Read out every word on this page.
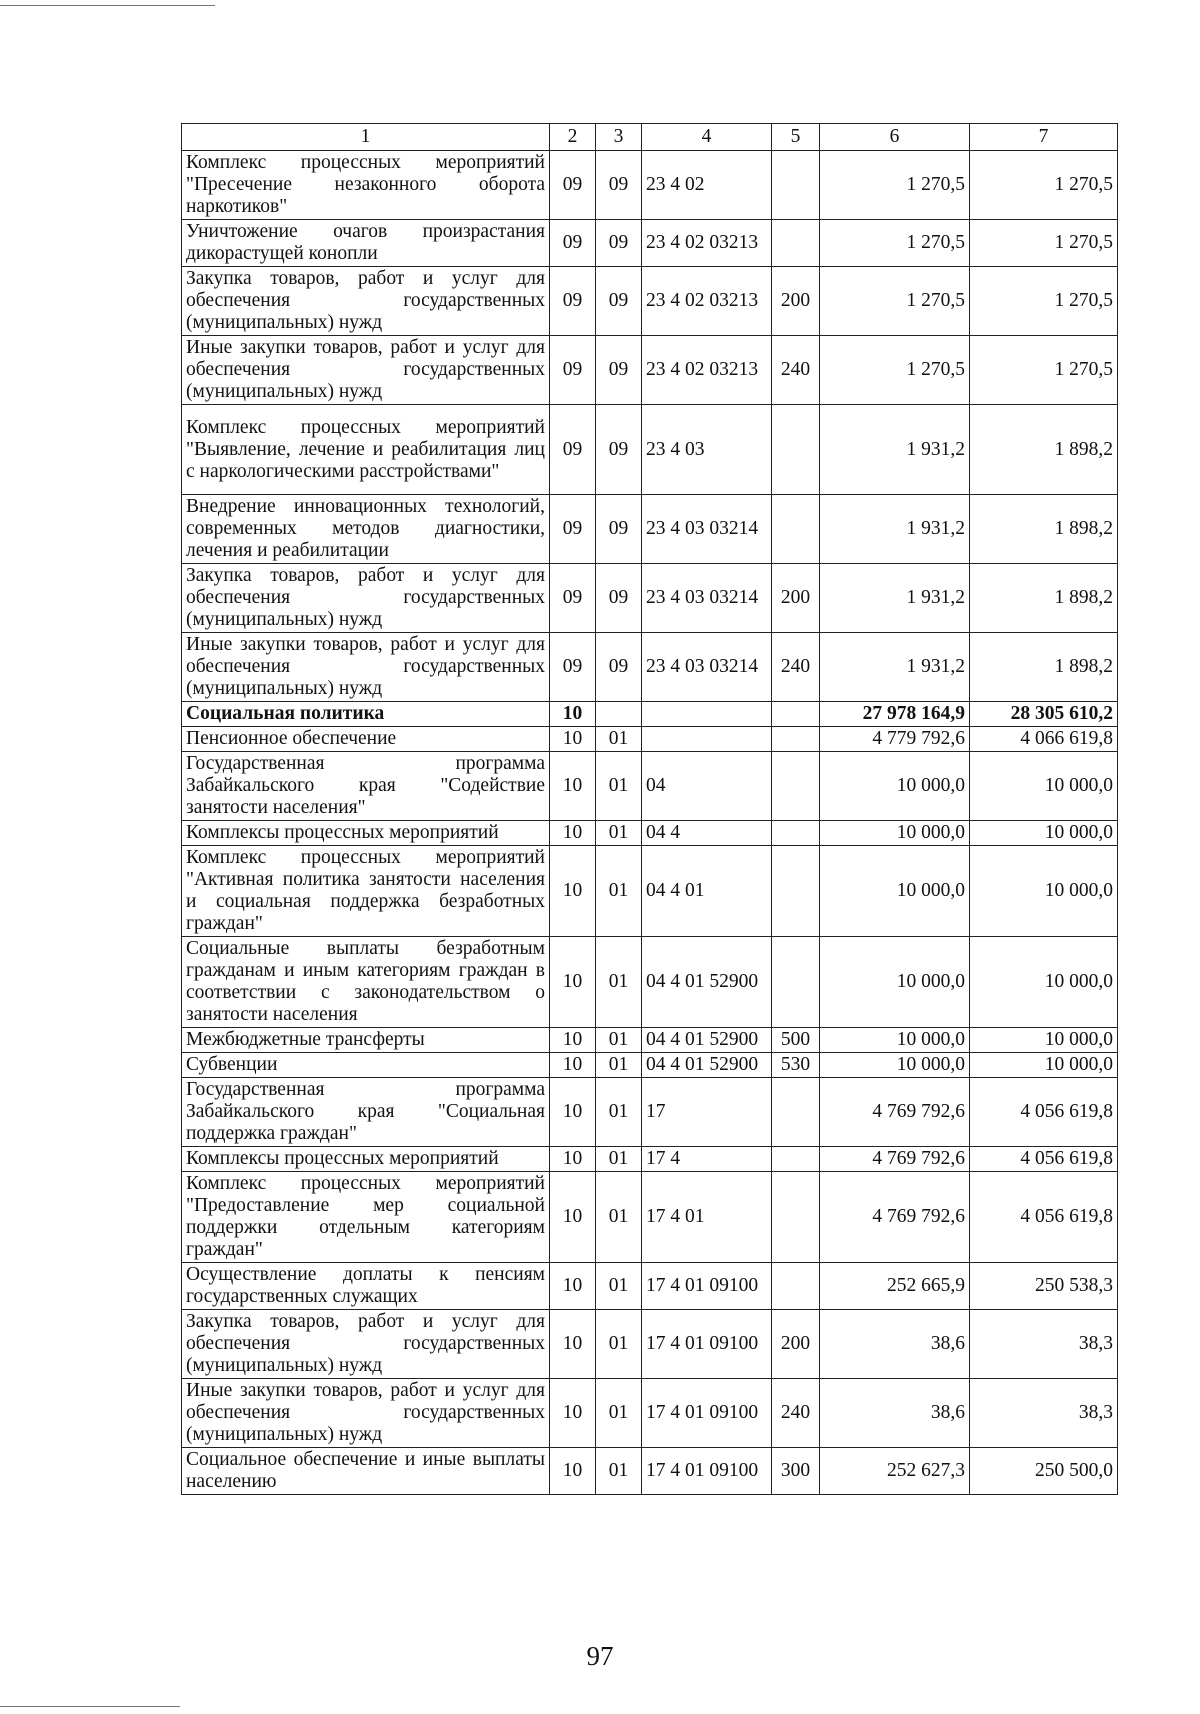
1	2	3	4	5	6	7
Комплекс процессных мероприятий "Пресечение незаконного оборота наркотиков"	09	09	23 4 02		1 270,5	1 270,5
Уничтожение очагов произрастания дикорастущей конопли	09	09	23 4 02 03213		1 270,5	1 270,5
Закупка товаров, работ и услуг для обеспечения государственных (муниципальных) нужд	09	09	23 4 02 03213	200	1 270,5	1 270,5
Иные закупки товаров, работ и услуг для обеспечения государственных (муниципальных) нужд	09	09	23 4 02 03213	240	1 270,5	1 270,5
Комплекс процессных мероприятий "Выявление, лечение и реабилитация лиц с наркологическими расстройствами"	09	09	23 4 03		1 931,2	1 898,2
Внедрение инновационных технологий, современных методов диагностики, лечения и реабилитации	09	09	23 4 03 03214		1 931,2	1 898,2
Закупка товаров, работ и услуг для обеспечения государственных (муниципальных) нужд	09	09	23 4 03 03214	200	1 931,2	1 898,2
Иные закупки товаров, работ и услуг для обеспечения государственных (муниципальных) нужд	09	09	23 4 03 03214	240	1 931,2	1 898,2
Социальная политика	10				27 978 164,9	28 305 610,2
Пенсионное обеспечение	10	01			4 779 792,6	4 066 619,8
Государственная программа Забайкальского края "Содействие занятости населения"	10	01	04		10 000,0	10 000,0
Комплексы процессных мероприятий	10	01	04 4		10 000,0	10 000,0
Комплекс процессных мероприятий "Активная политика занятости населения и социальная поддержка безработных граждан"	10	01	04 4 01		10 000,0	10 000,0
Социальные выплаты безработным гражданам и иным категориям граждан в соответствии с законодательством о занятости населения	10	01	04 4 01 52900		10 000,0	10 000,0
Межбюджетные трансферты	10	01	04 4 01 52900	500	10 000,0	10 000,0
Субвенции	10	01	04 4 01 52900	530	10 000,0	10 000,0
Государственная программа Забайкальского края "Социальная поддержка граждан"	10	01	17		4 769 792,6	4 056 619,8
Комплексы процессных мероприятий	10	01	17 4		4 769 792,6	4 056 619,8
Комплекс процессных мероприятий "Предоставление мер социальной поддержки отдельным категориям граждан"	10	01	17 4 01		4 769 792,6	4 056 619,8
Осуществление доплаты к пенсиям государственных служащих	10	01	17 4 01 09100		252 665,9	250 538,3
Закупка товаров, работ и услуг для обеспечения государственных (муниципальных) нужд	10	01	17 4 01 09100	200	38,6	38,3
Иные закупки товаров, работ и услуг для обеспечения государственных (муниципальных) нужд	10	01	17 4 01 09100	240	38,6	38,3
Социальное обеспечение и иные выплаты населению	10	01	17 4 01 09100	300	252 627,3	250 500,0
97
